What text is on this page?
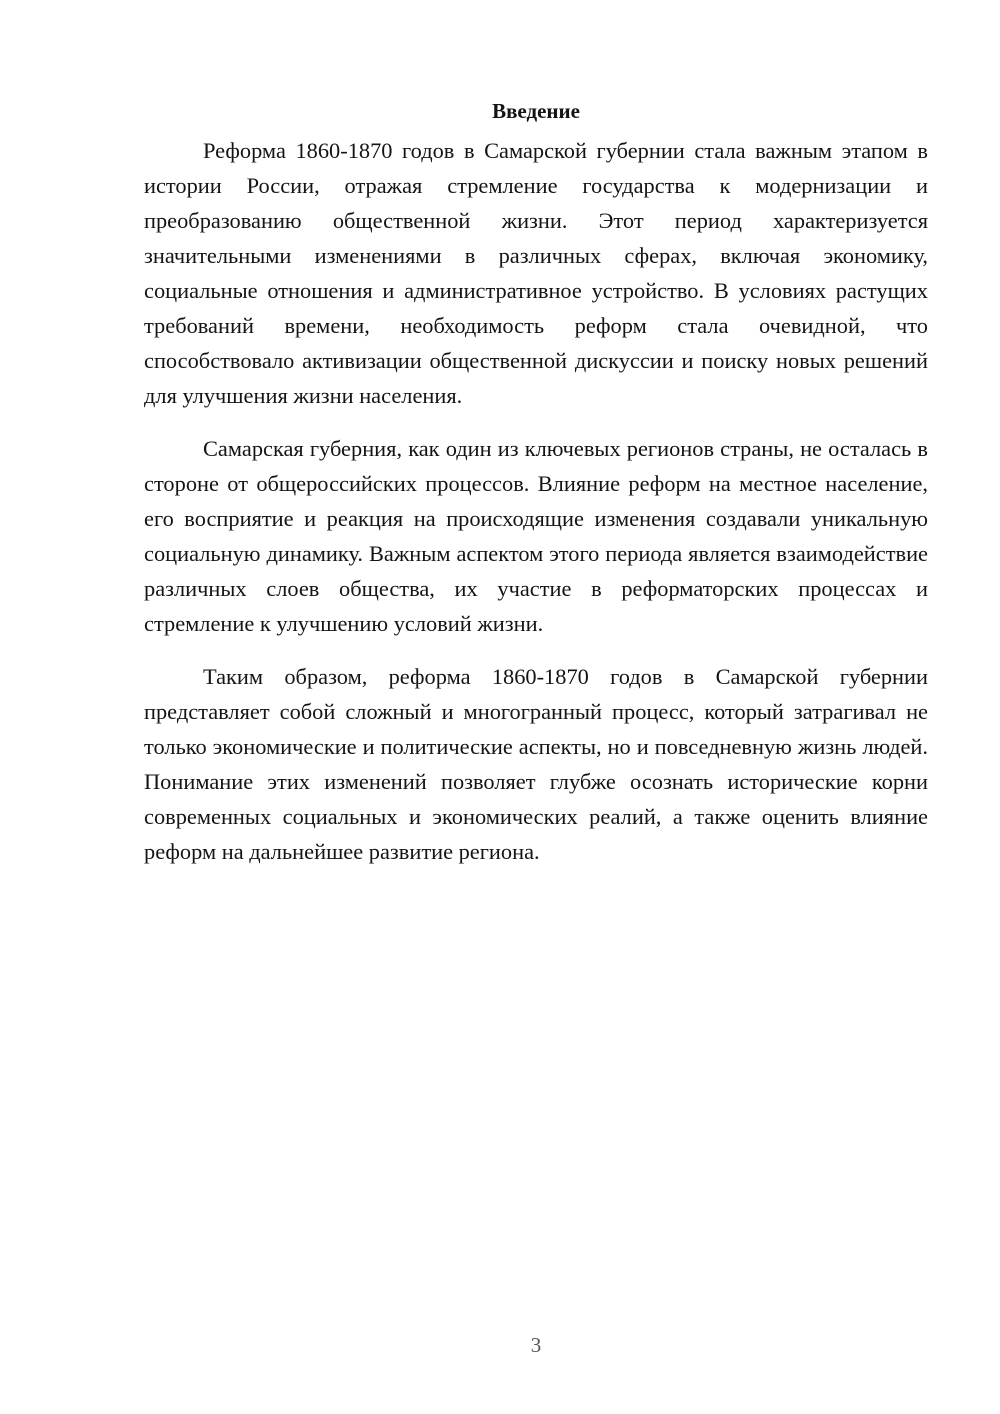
Введение

Реформа 1860-1870 годов в Самарской губернии стала важным этапом в истории России, отражая стремление государства к модернизации и преобразованию общественной жизни. Этот период характеризуется значительными изменениями в различных сферах, включая экономику, социальные отношения и административное устройство. В условиях растущих требований времени, необходимость реформ стала очевидной, что способствовало активизации общественной дискуссии и поиску новых решений для улучшения жизни населения.

Самарская губерния, как один из ключевых регионов страны, не осталась в стороне от общероссийских процессов. Влияние реформ на местное население, его восприятие и реакция на происходящие изменения создавали уникальную социальную динамику. Важным аспектом этого периода является взаимодействие различных слоев общества, их участие в реформаторских процессах и стремление к улучшению условий жизни.

Таким образом, реформа 1860-1870 годов в Самарской губернии представляет собой сложный и многогранный процесс, который затрагивал не только экономические и политические аспекты, но и повседневную жизнь людей. Понимание этих изменений позволяет глубже осознать исторические корни современных социальных и экономических реалий, а также оценить влияние реформ на дальнейшее развитие региона.

3
